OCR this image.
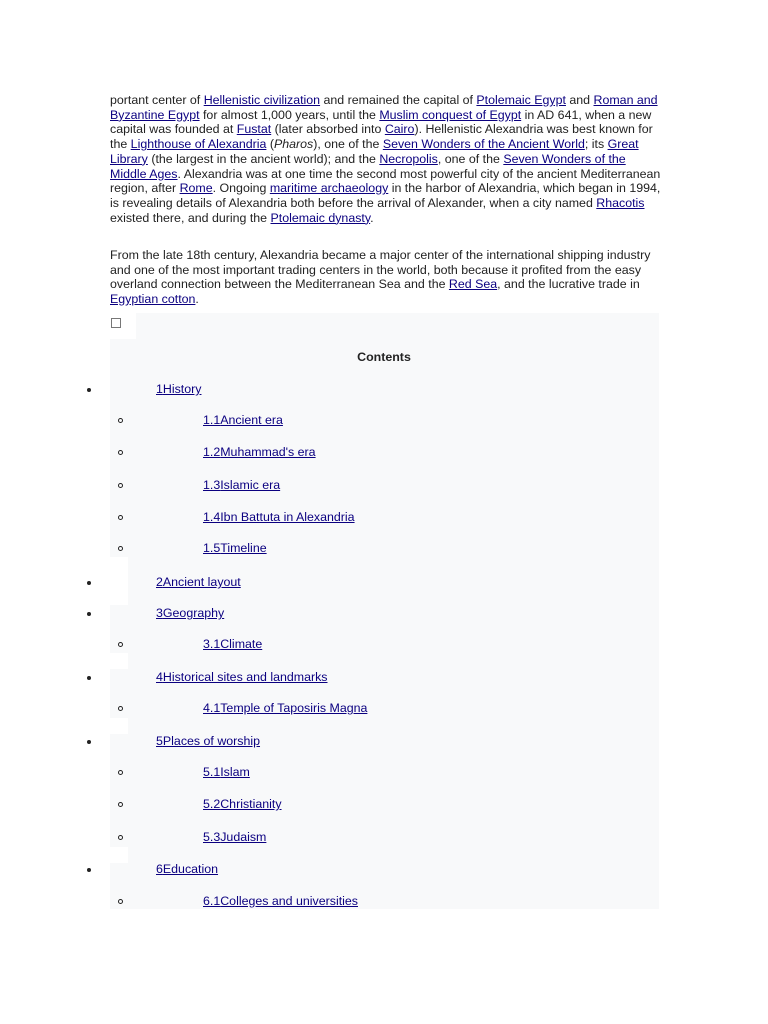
portant center of Hellenistic civilization and remained the capital of Ptolemaic Egypt and Roman and Byzantine Egypt for almost 1,000 years, until the Muslim conquest of Egypt in AD 641, when a new capital was founded at Fustat (later absorbed into Cairo). Hellenistic Alexandria was best known for the Lighthouse of Alexandria (Pharos), one of the Seven Wonders of the Ancient World; its Great Library (the largest in the ancient world); and the Necropolis, one of the Seven Wonders of the Middle Ages. Alexandria was at one time the second most powerful city of the ancient Mediterranean region, after Rome. Ongoing maritime archaeology in the harbor of Alexandria, which began in 1994, is revealing details of Alexandria both before the arrival of Alexander, when a city named Rhacotis existed there, and during the Ptolemaic dynasty.

From the late 18th century, Alexandria became a major center of the international shipping industry and one of the most important trading centers in the world, both because it profited from the easy overland connection between the Mediterranean Sea and the Red Sea, and the lucrative trade in Egyptian cotton.

Contents
1History
1.1Ancient era
1.2Muhammad's era
1.3Islamic era
1.4Ibn Battuta in Alexandria
1.5Timeline
2Ancient layout
3Geography
3.1Climate
4Historical sites and landmarks
4.1Temple of Taposiris Magna
5Places of worship
5.1Islam
5.2Christianity
5.3Judaism
6Education
6.1Colleges and universities
